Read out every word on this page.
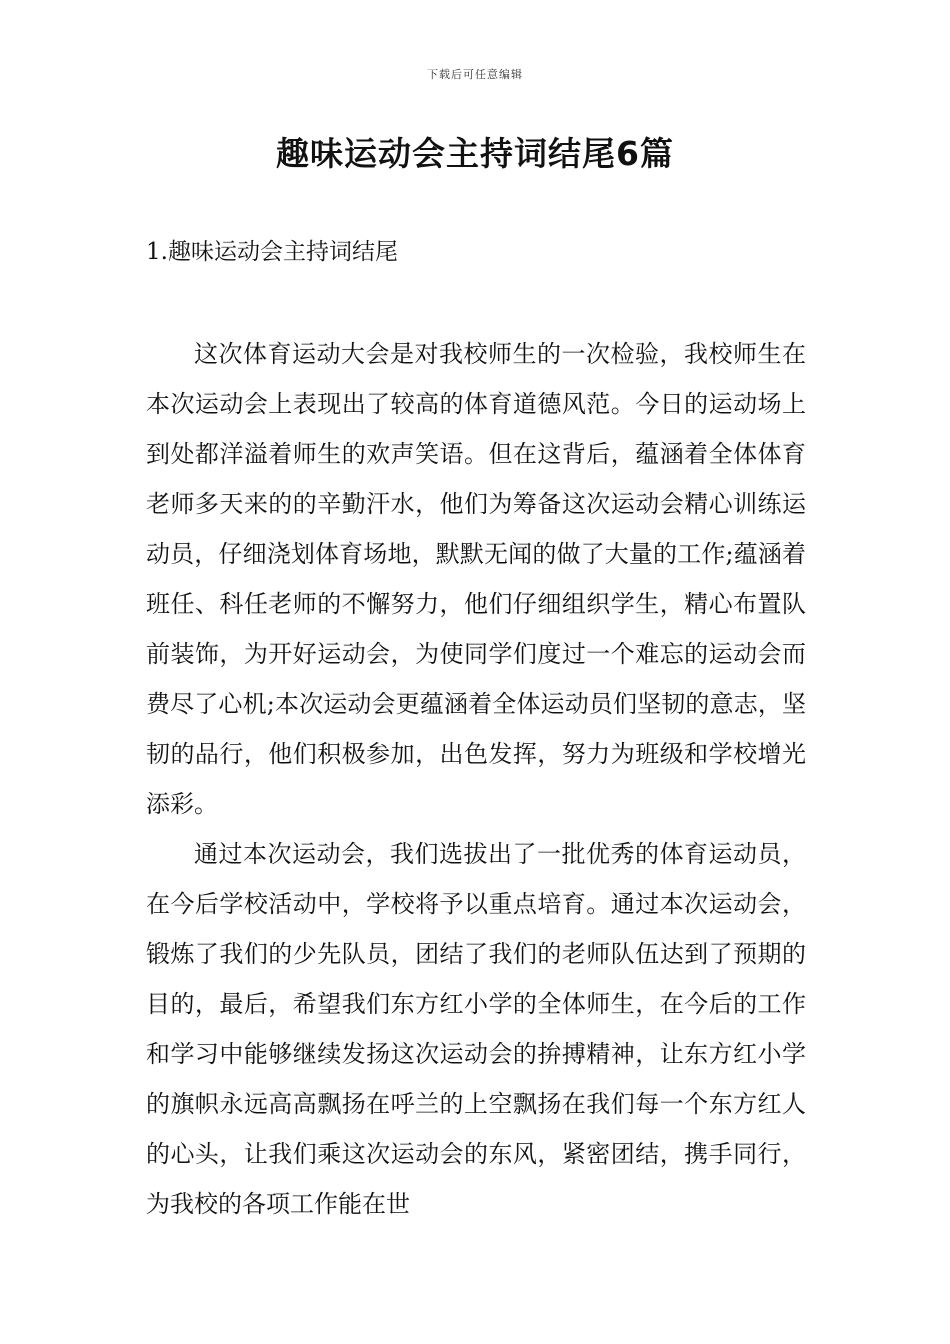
下载后可任意编辑
趣味运动会主持词结尾6篇
1.趣味运动会主持词结尾

这次体育运动大会是对我校师生的一次检验，我校师生在本次运动会上表现出了较高的体育道德风范。今日的运动场上到处都洋溢着师生的欢声笑语。但在这背后，蕴涵着全体体育老师多天来的的辛勤汗水，他们为筹备这次运动会精心训练运动员，仔细浇划体育场地，默默无闻的做了大量的工作;蕴涵着班任、科任老师的不懈努力，他们仔细组织学生，精心布置队前装饰，为开好运动会，为使同学们度过一个难忘的运动会而费尽了心机;本次运动会更蕴涵着全体运动员们坚韧的意志，坚韧的品行，他们积极参加，出色发挥，努力为班级和学校增光添彩。

通过本次运动会，我们选拔出了一批优秀的体育运动员，在今后学校活动中，学校将予以重点培育。通过本次运动会，锻炼了我们的少先队员，团结了我们的老师队伍达到了预期的目的，最后，希望我们东方红小学的全体师生，在今后的工作和学习中能够继续发扬这次运动会的拚搏精神，让东方红小学的旗帜永远高高飘扬在呼兰的上空飘扬在我们每一个东方红人的心头，让我们乘这次运动会的东风，紧密团结，携手同行，为我校的各项工作能在世
